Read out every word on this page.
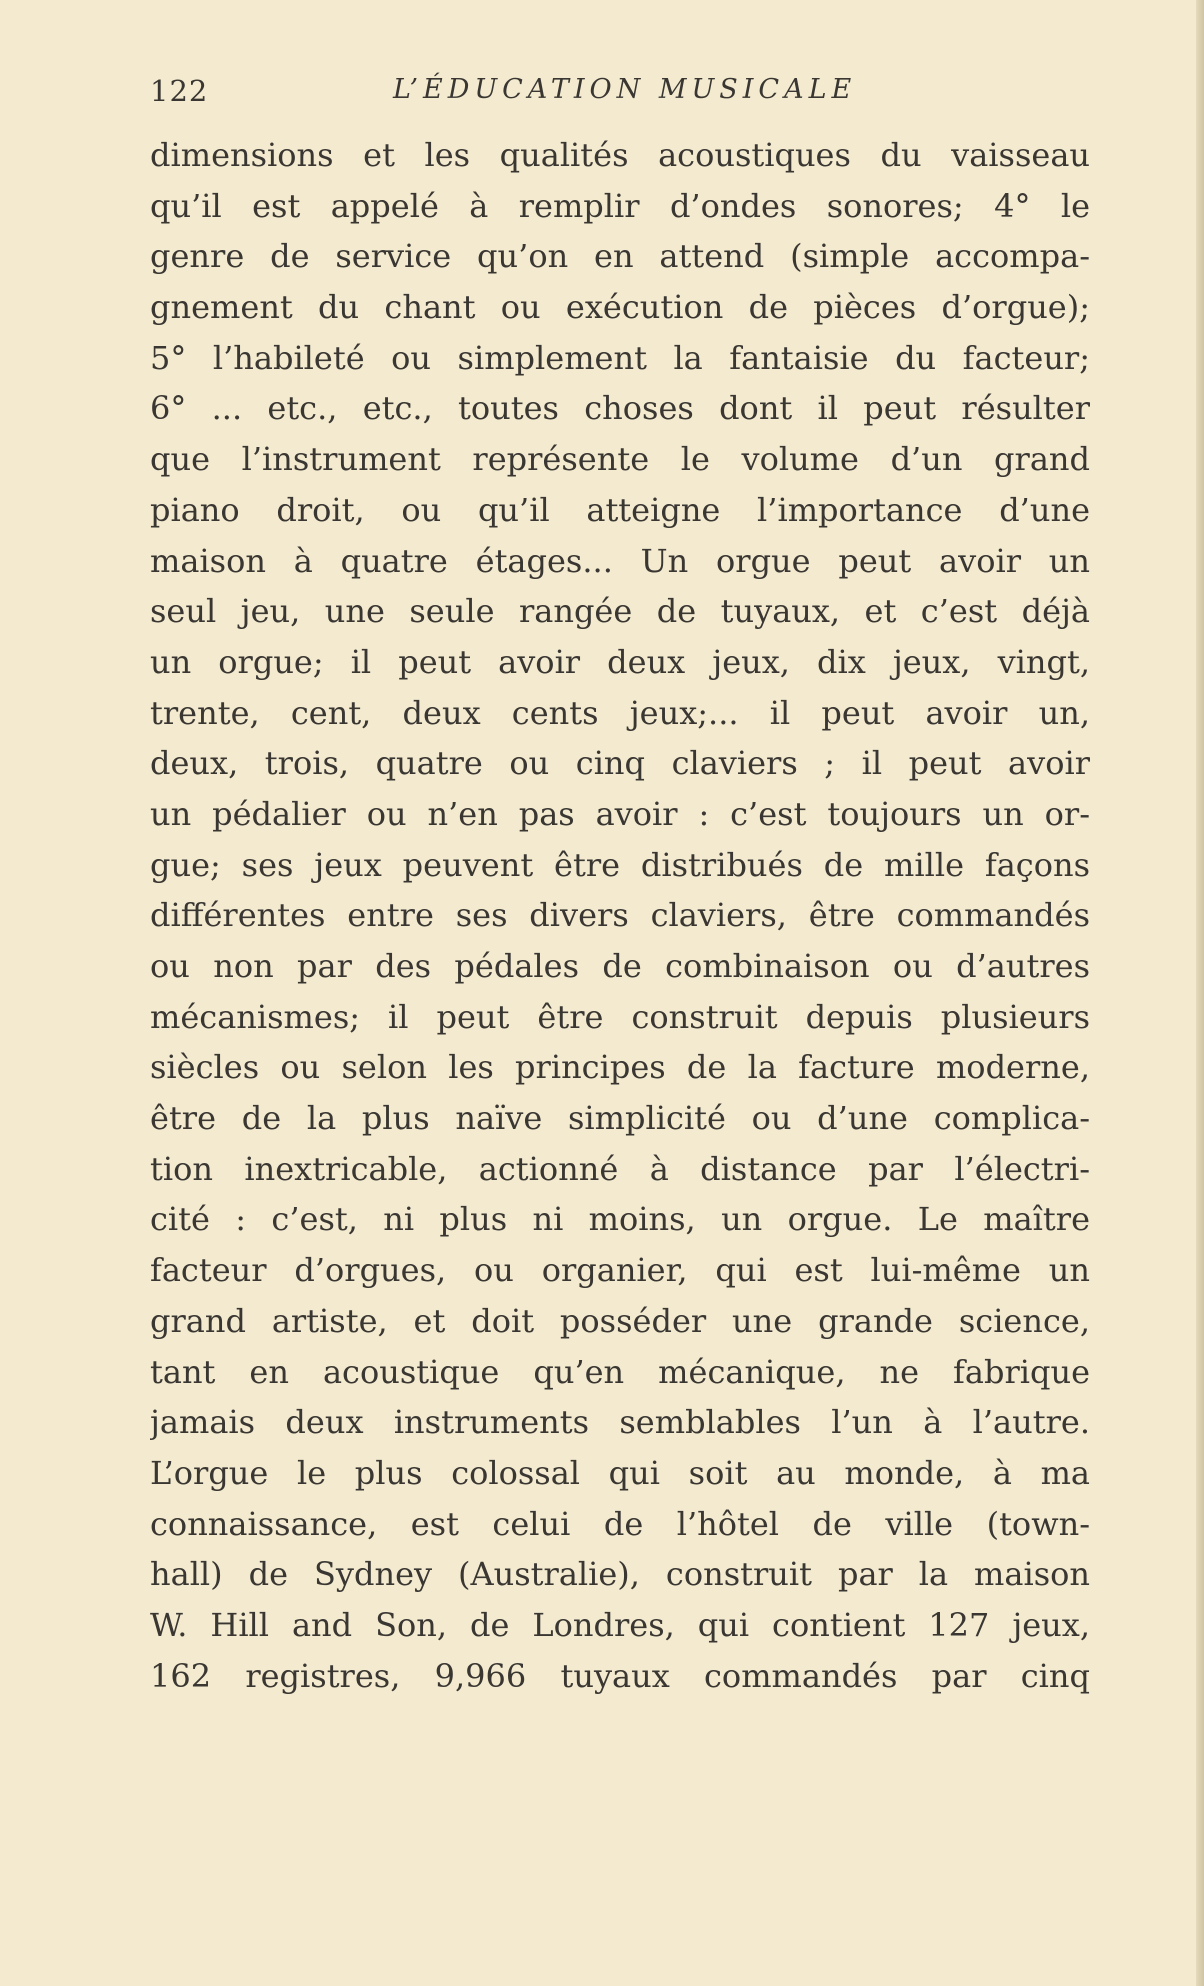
122	L’ÉDUCATION MUSICALE
dimensions et les qualités acoustiques du vaisseau
qu’il est appelé à remplir d’ondes sonores; 4° le
genre de service qu’on en attend (simple accompa-
gnement du chant ou exécution de pièces d’orgue);
5° l’habileté ou simplement la fantaisie du facteur;
6° ... etc., etc., toutes choses dont il peut résulter
que l’instrument représente le volume d’un grand
piano droit, ou qu’il atteigne l’importance d’une
maison à quatre étages... Un orgue peut avoir un
seul jeu, une seule rangée de tuyaux, et c’est déjà
un orgue; il peut avoir deux jeux, dix jeux, vingt,
trente, cent, deux cents jeux;... il peut avoir un,
deux, trois, quatre ou cinq claviers ; il peut avoir
un pédalier ou n’en pas avoir : c’est toujours un or-
gue; ses jeux peuvent être distribués de mille façons
différentes entre ses divers claviers, être commandés
ou non par des pédales de combinaison ou d’autres
mécanismes; il peut être construit depuis plusieurs
siècles ou selon les principes de la facture moderne,
être de la plus naïve simplicité ou d’une complica-
tion inextricable, actionné à distance par l’électri-
cité : c’est, ni plus ni moins, un orgue. Le maître
facteur d’orgues, ou organier, qui est lui-même un
grand artiste, et doit posséder une grande science,
tant en acoustique qu’en mécanique, ne fabrique
jamais deux instruments semblables l’un à l’autre.
L’orgue le plus colossal qui soit au monde, à ma
connaissance, est celui de l’hôtel de ville (town-
hall) de Sydney (Australie), construit par la maison
W. Hill and Son, de Londres, qui contient 127 jeux,
162 registres, 9,966 tuyaux commandés par cinq
